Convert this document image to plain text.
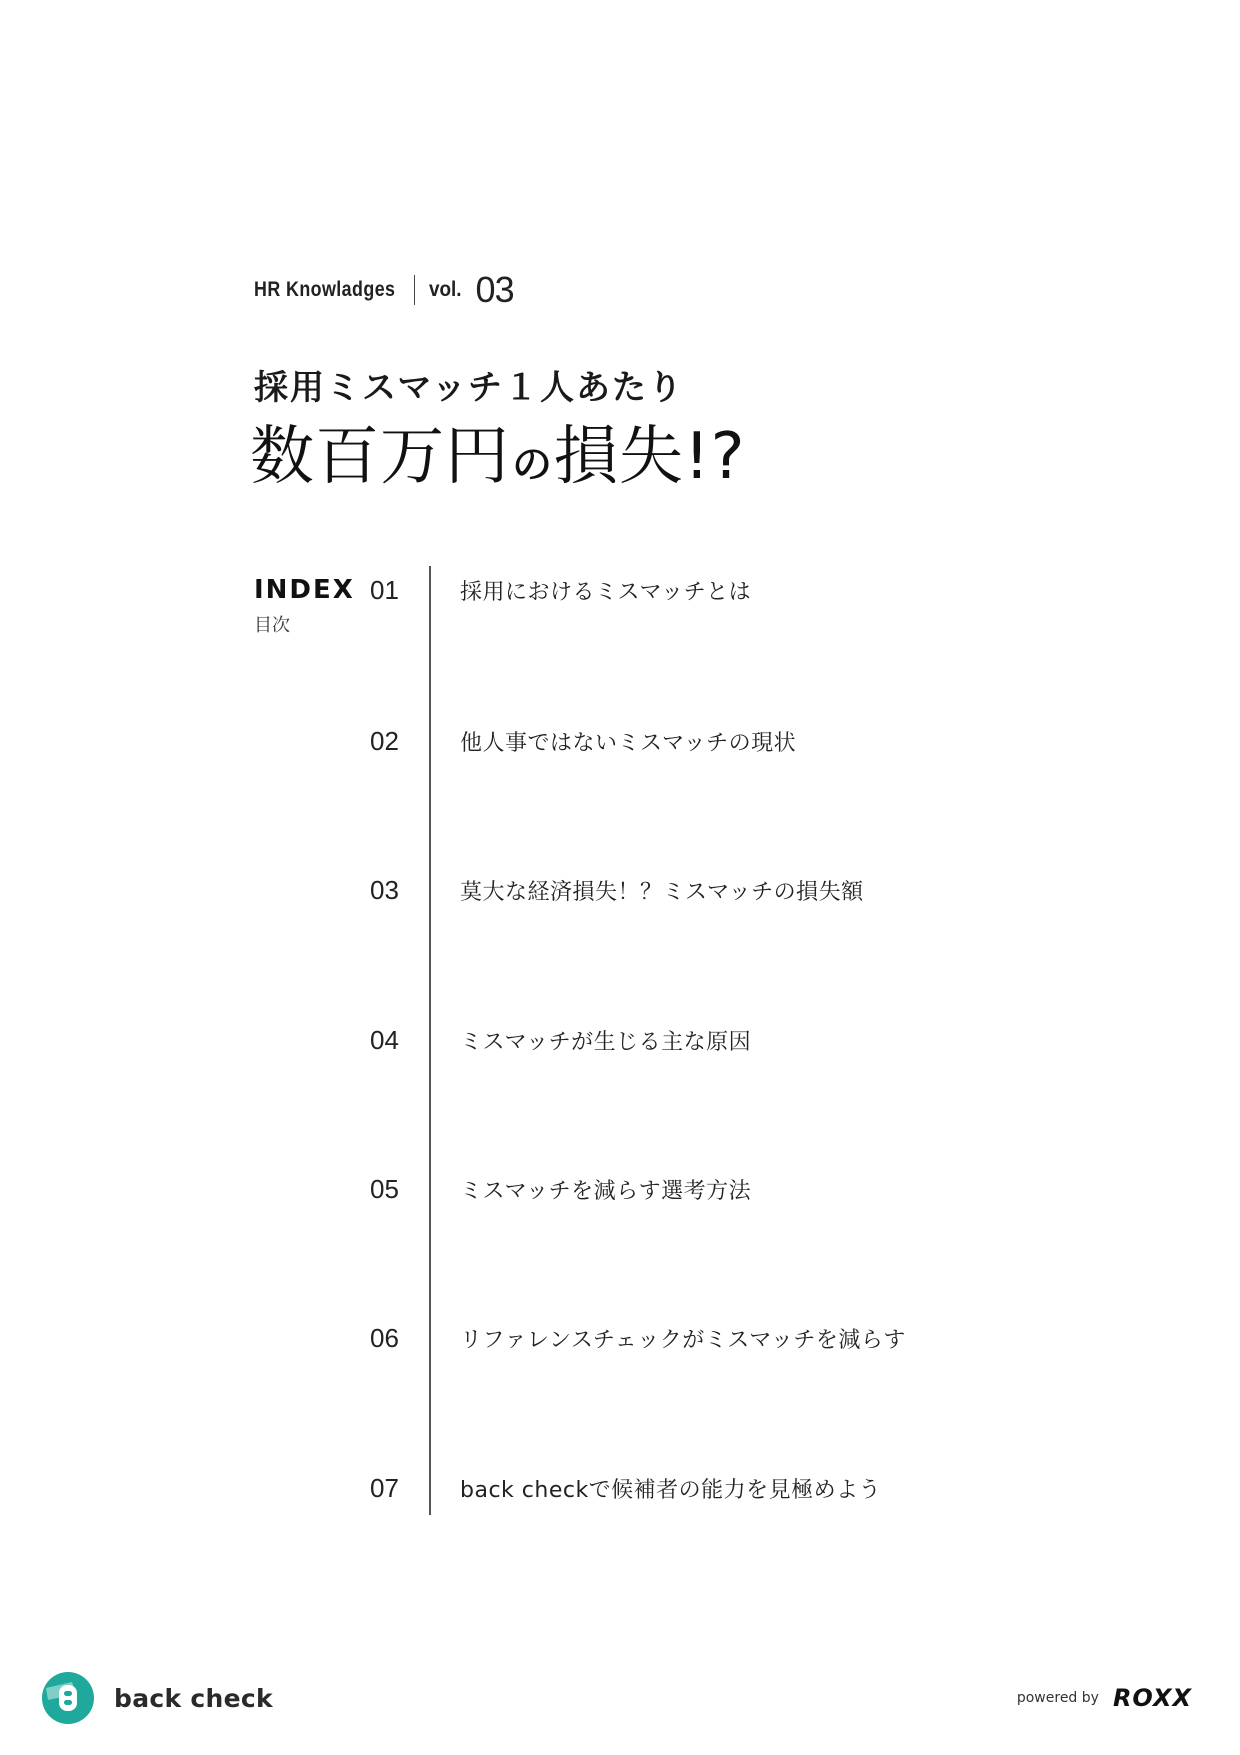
HR Knowladges vol. 03
採用ミスマッチ１人あたり
数百万円の損失!?
INDEX
目次
01	採用におけるミスマッチとは
02	他人事ではないミスマッチの現状
03	莫大な経済損失！？ミスマッチの損失額
04	ミスマッチが生じる主な原因
05	ミスマッチを減らす選考方法
06	リファレンスチェックがミスマッチを減らす
07	back checkで候補者の能力を見極めよう
back check	powered by ROXX
